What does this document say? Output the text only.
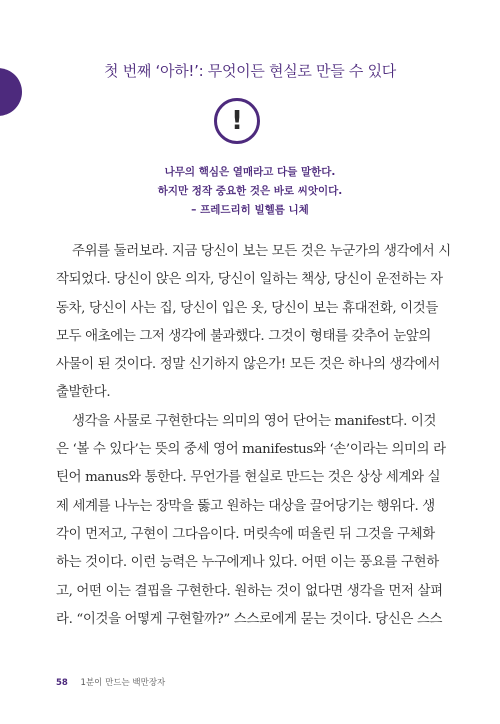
첫 번째 ‘아하!’: 무엇이든 현실로 만들 수 있다
!
나무의 핵심은 열매라고 다들 말한다.
하지만 정작 중요한 것은 바로 씨앗이다.
– 프레드리히 빌헬름 니체
주위를 둘러보라. 지금 당신이 보는 모든 것은 누군가의 생각에서 시
작되었다. 당신이 앉은 의자, 당신이 일하는 책상, 당신이 운전하는 자
동차, 당신이 사는 집, 당신이 입은 옷, 당신이 보는 휴대전화, 이것들
모두 애초에는 그저 생각에 불과했다. 그것이 형태를 갖추어 눈앞의
사물이 된 것이다. 정말 신기하지 않은가! 모든 것은 하나의 생각에서
출발한다.
생각을 사물로 구현한다는 의미의 영어 단어는 manifest다. 이것
은 ‘볼 수 있다’는 뜻의 중세 영어 manifestus와 ‘손’이라는 의미의 라
틴어 manus와 통한다. 무언가를 현실로 만드는 것은 상상 세계와 실
제 세계를 나누는 장막을 뚫고 원하는 대상을 끌어당기는 행위다. 생
각이 먼저고, 구현이 그다음이다. 머릿속에 떠올린 뒤 그것을 구체화
하는 것이다. 이런 능력은 누구에게나 있다. 어떤 이는 풍요를 구현하
고, 어떤 이는 결핍을 구현한다. 원하는 것이 없다면 생각을 먼저 살펴
라. “이것을 어떻게 구현할까?” 스스로에게 묻는 것이다. 당신은 스스
58 1분이 만드는 백만장자
